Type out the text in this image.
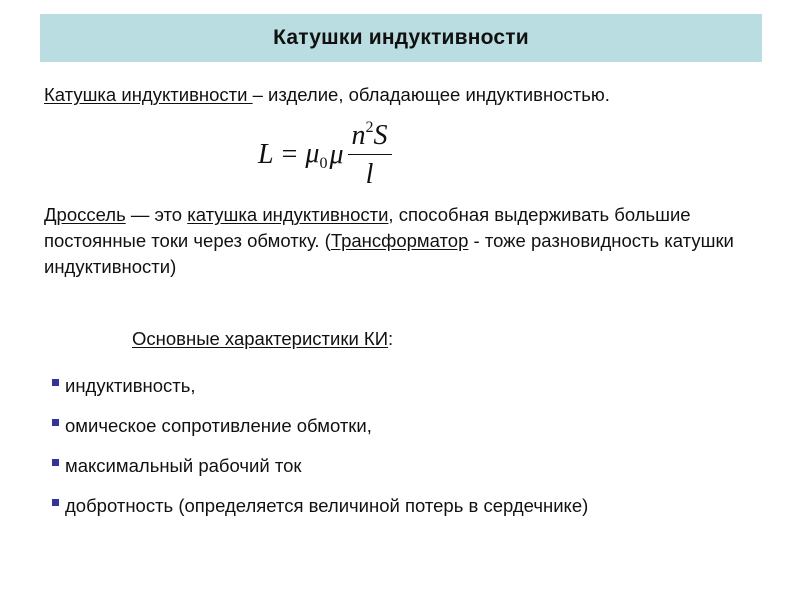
Катушки индуктивности
Катушка индуктивности – изделие, обладающее индуктивностью.
$L = \mu_0$ μ $\frac{n^2S}{l}$
Дроссель — это катушка индуктивности, способная выдерживать большие постоянные токи через обмотку. (Трансформатор - тоже разновидность катушки индуктивности)
Основные характеристики КИ:
индуктивность,
омическое сопротивление обмотки,
максимальный рабочий ток
добротность (определяется величиной потерь в сердечнике)
